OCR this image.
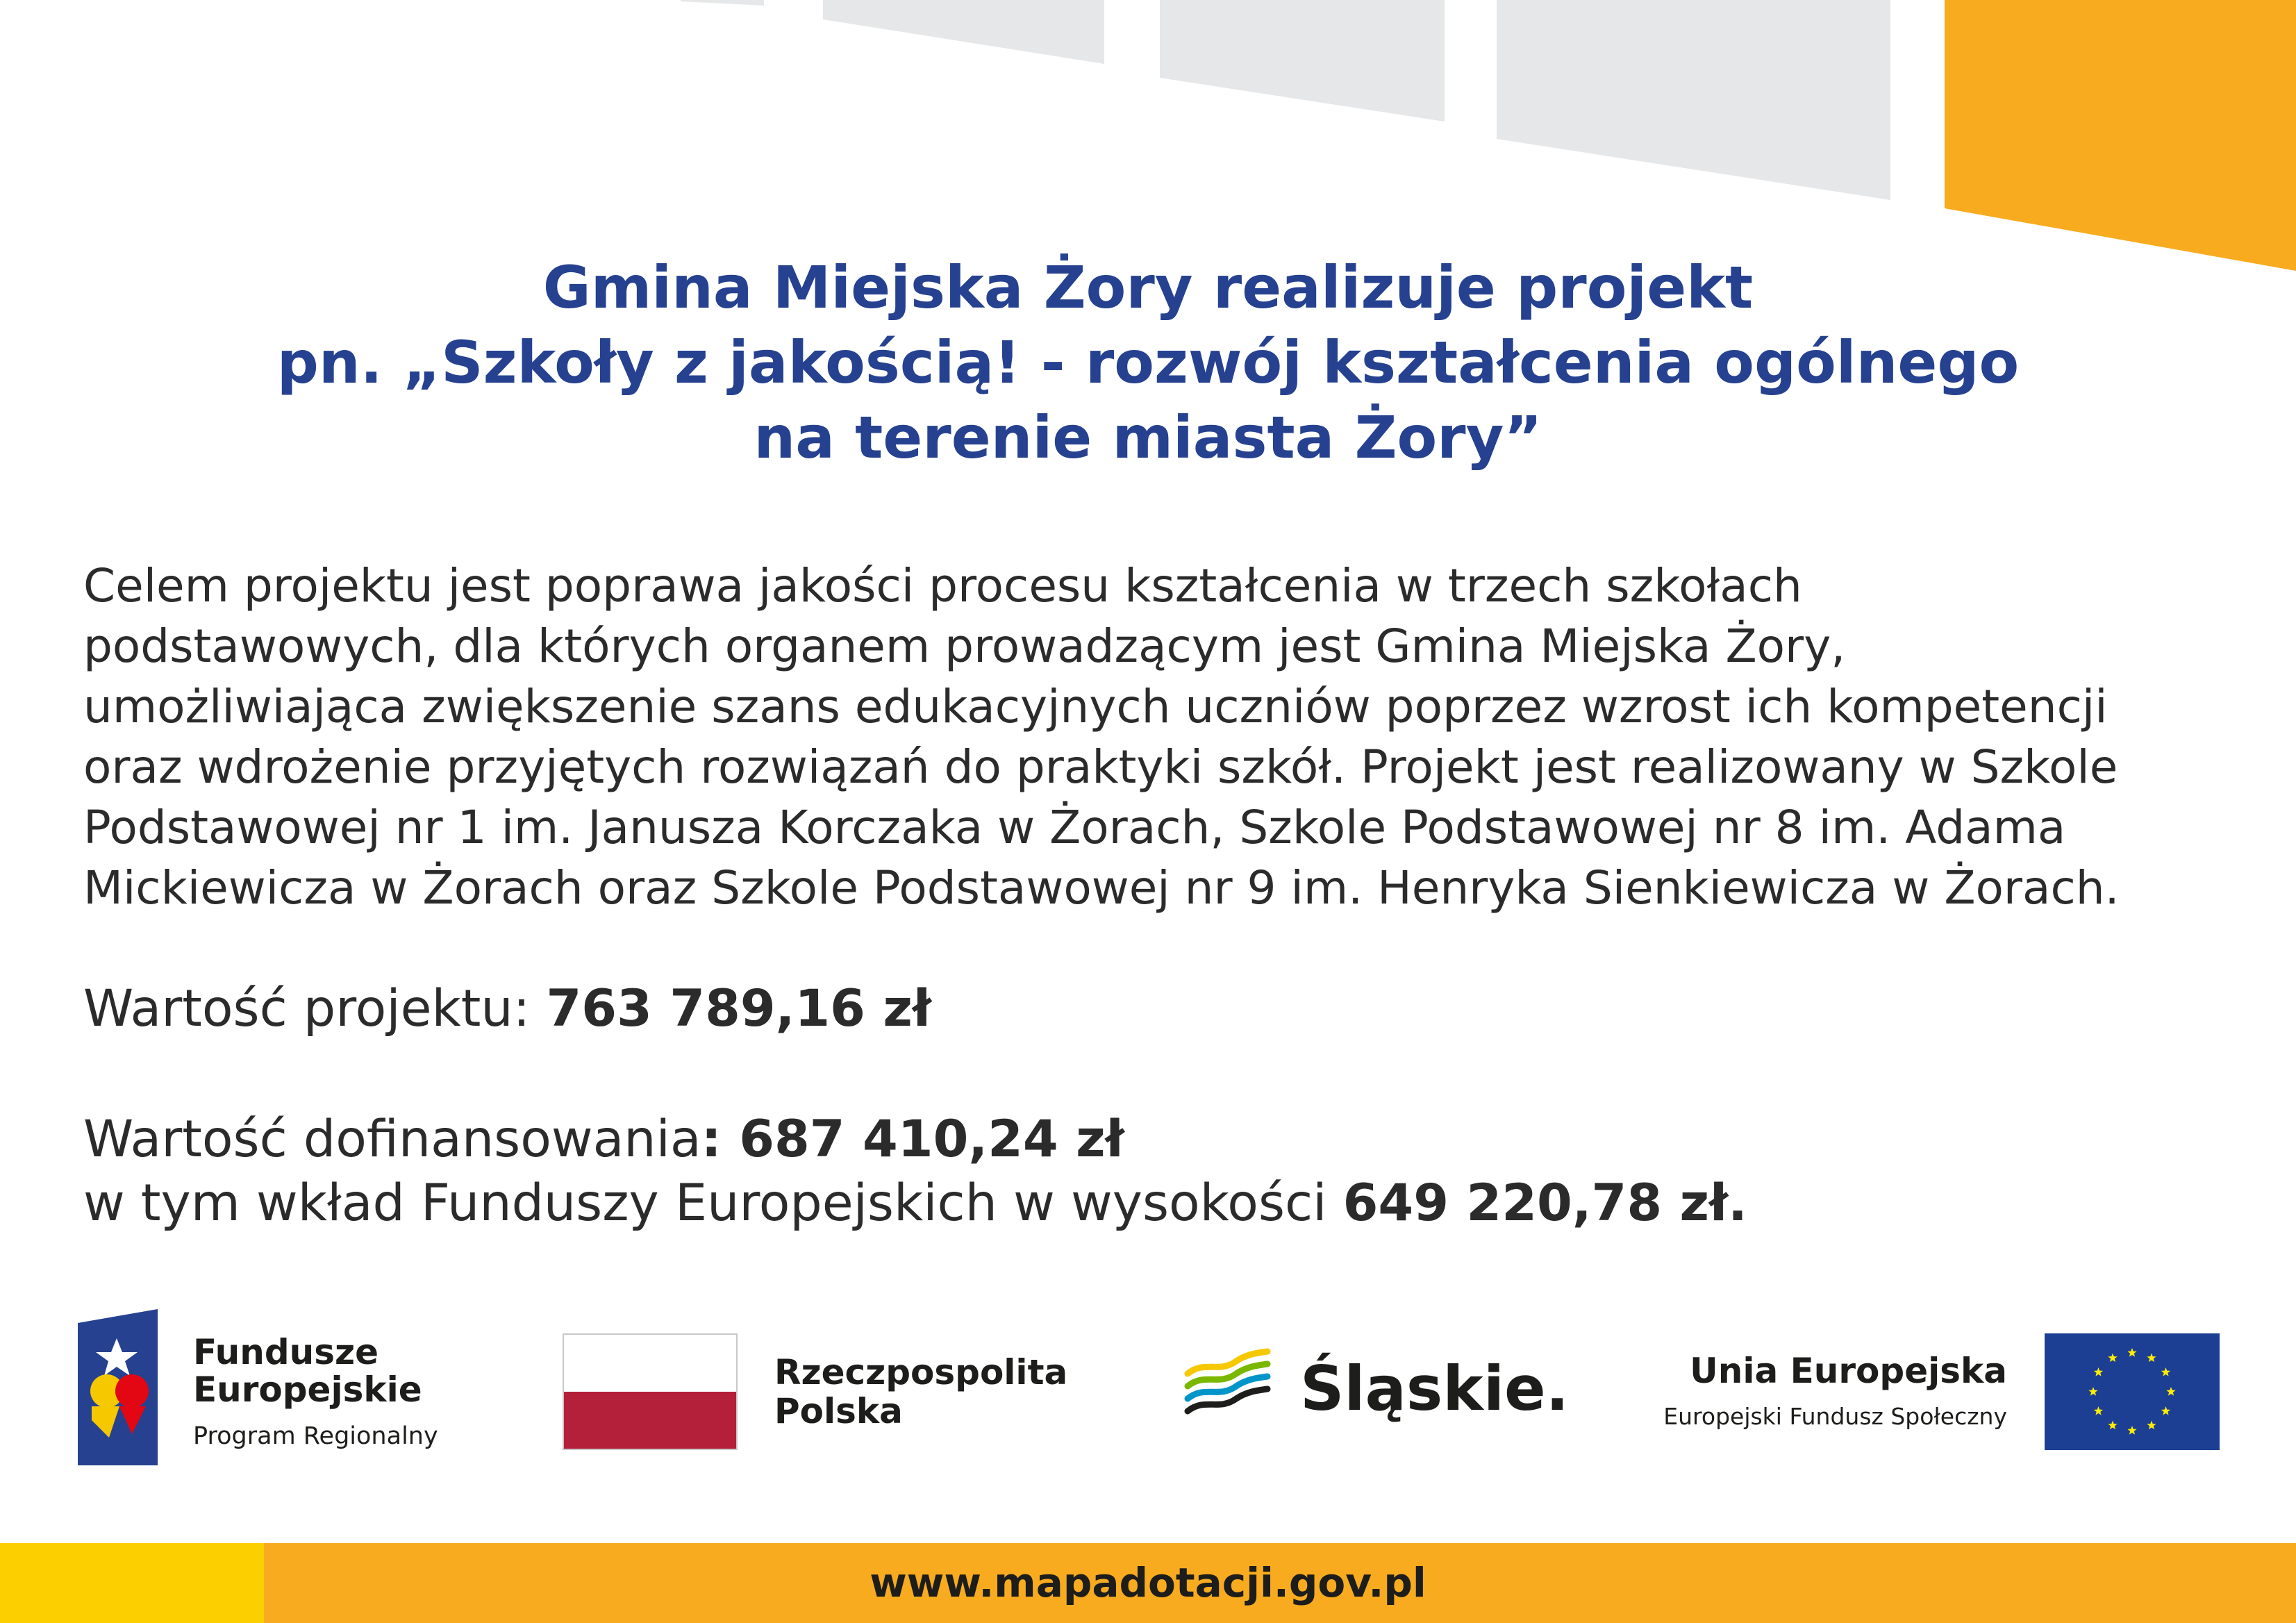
Gmina Miejska Żory realizuje projekt
pn. „Szkoły z jakością! - rozwój kształcenia ogólnego
na terenie miasta Żory”
Celem projektu jest poprawa jakości procesu kształcenia w trzech szkołach
podstawowych, dla których organem prowadzącym jest Gmina Miejska Żory,
umożliwiająca zwiększenie szans edukacyjnych uczniów poprzez wzrost ich kompetencji
oraz wdrożenie przyjętych rozwiązań do praktyki szkół. Projekt jest realizowany w Szkole
Podstawowej nr 1 im. Janusza Korczaka w Żorach, Szkole Podstawowej nr 8 im. Adama
Mickiewicza w Żorach oraz Szkole Podstawowej nr 9 im. Henryka Sienkiewicza w Żorach.
Wartość projektu: 763 789,16 zł
Wartość dofinansowania: 687 410,24 zł
w tym wkład Funduszy Europejskich w wysokości 649 220,78 zł.
Fundusze
Europejskie
Program Regionalny
Rzeczpospolita
Polska	Śląskie.	Unia Europejska
Europejski Fundusz Społeczny
www.mapadotacji.gov.pl
